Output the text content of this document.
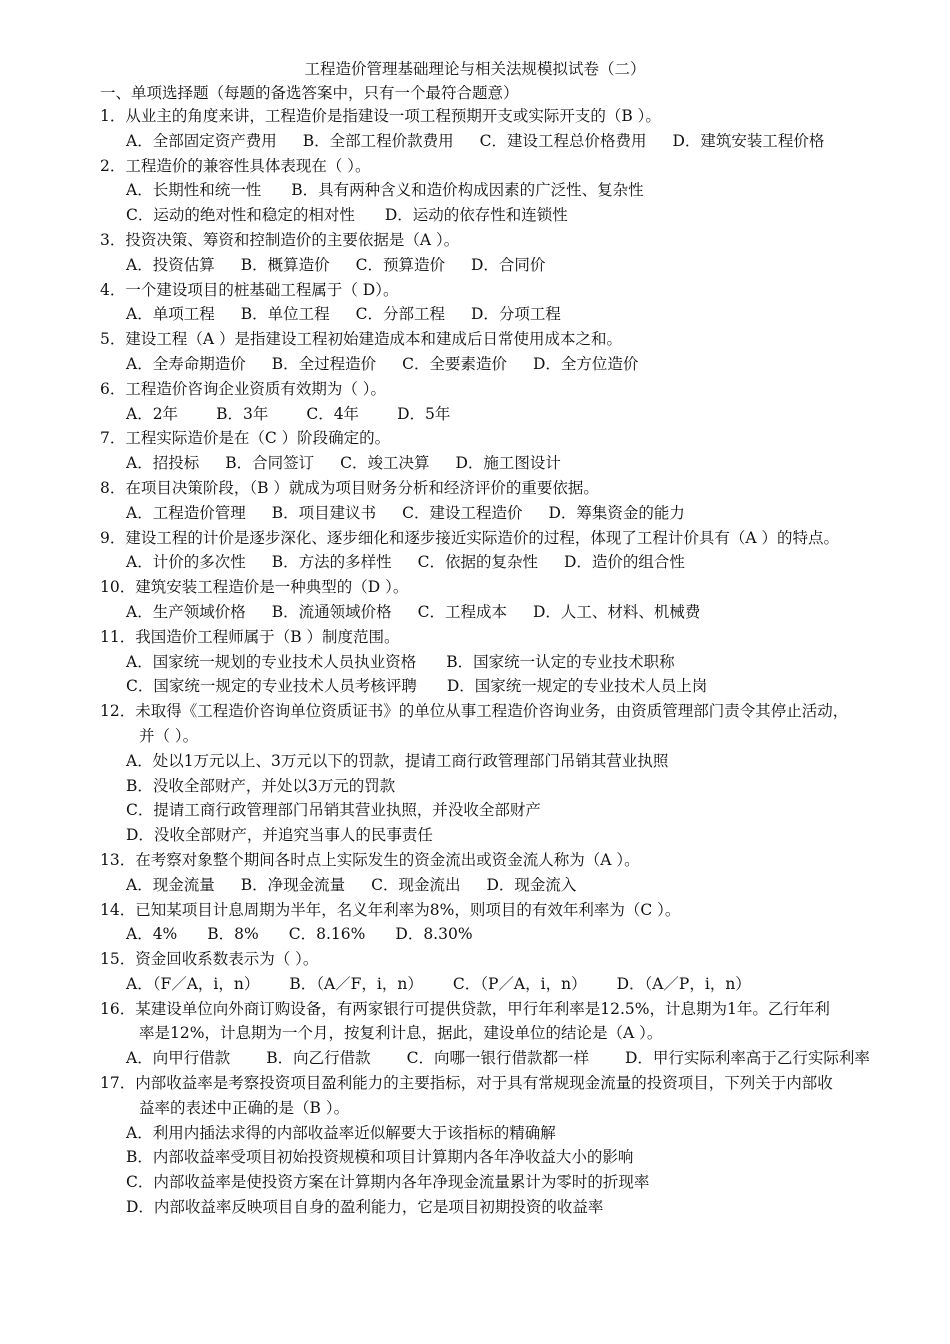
工程造价管理基础理论与相关法规模拟试卷（二）
一、单项选择题（每题的备选答案中，只有一个最符合题意）
1．从业主的角度来讲，工程造价是指建设一项工程预期开支或实际开支的（B ）。
A．全部固定资产费用 B．全部工程价款费用 C．建设工程总价格费用 D．建筑安装工程价格
2．工程造价的兼容性具体表现在（ ）。
A．长期性和统一性 B．具有两种含义和造价构成因素的广泛性、复杂性
C．运动的绝对性和稳定的相对性 D．运动的依存性和连锁性
3．投资决策、筹资和控制造价的主要依据是（A ）。
A．投资估算 B．概算造价 C．预算造价 D．合同价
4．一个建设项目的桩基础工程属于（ D）。
A．单项工程 B．单位工程 C．分部工程 D．分项工程
5．建设工程（A ）是指建设工程初始建造成本和建成后日常使用成本之和。
A．全寿命期造价 B．全过程造价 C．全要素造价 D．全方位造价
6．工程造价咨询企业资质有效期为（ ）。
A．2年 B．3年 C．4年 D．5年
7．工程实际造价是在（C ）阶段确定的。
A．招投标 B．合同签订 C．竣工决算 D．施工图设计
8．在项目决策阶段，（B ）就成为项目财务分析和经济评价的重要依据。
A．工程造价管理 B．项目建议书 C．建设工程造价 D．筹集资金的能力
9．建设工程的计价是逐步深化、逐步细化和逐步接近实际造价的过程，体现了工程计价具有（A ）的特点。
A．计价的多次性 B．方法的多样性 C．依据的复杂性 D．造价的组合性
10．建筑安装工程造价是一种典型的（D ）。
A．生产领域价格 B．流通领域价格 C．工程成本 D．人工、材料、机械费
11．我国造价工程师属于（B ）制度范围。
A．国家统一规划的专业技术人员执业资格 B．国家统一认定的专业技术职称
C．国家统一规定的专业技术人员考核评聘 D．国家统一规定的专业技术人员上岗
12．未取得《工程造价咨询单位资质证书》的单位从事工程造价咨询业务，由资质管理部门责令其停止活动，
并（ ）。
A．处以1万元以上、3万元以下的罚款，提请工商行政管理部门吊销其营业执照
B．没收全部财产，并处以3万元的罚款
C．提请工商行政管理部门吊销其营业执照，并没收全部财产
D．没收全部财产，并追究当事人的民事责任
13．在考察对象整个期间各时点上实际发生的资金流出或资金流人称为（A ）。
A．现金流量 B．净现金流量 C．现金流出 D．现金流入
14．已知某项目计息周期为半年，名义年利率为8%，则项目的有效年利率为（C ）。
A．4% B．8% C．8.16% D．8.30%
15．资金回收系数表示为（ ）。
A．（F／A，i，n） B．（A／F，i，n） C．（P／A，i，n） D．（A／P，i，n）
16．某建设单位向外商订购设备，有两家银行可提供贷款，甲行年利率是12.5%，计息期为1年。乙行年利
率是12%，计息期为一个月，按复利计息，据此，建设单位的结论是（A ）。
A．向甲行借款 B．向乙行借款 C．向哪一银行借款都一样 D．甲行实际利率高于乙行实际利率
17．内部收益率是考察投资项目盈利能力的主要指标，对于具有常规现金流量的投资项目，下列关于内部收
益率的表述中正确的是（B ）。
A．利用内插法求得的内部收益率近似解要大于该指标的精确解
B．内部收益率受项目初始投资规模和项目计算期内各年净收益大小的影响
C．内部收益率是使投资方案在计算期内各年净现金流量累计为零时的折现率
D．内部收益率反映项目自身的盈利能力，它是项目初期投资的收益率
